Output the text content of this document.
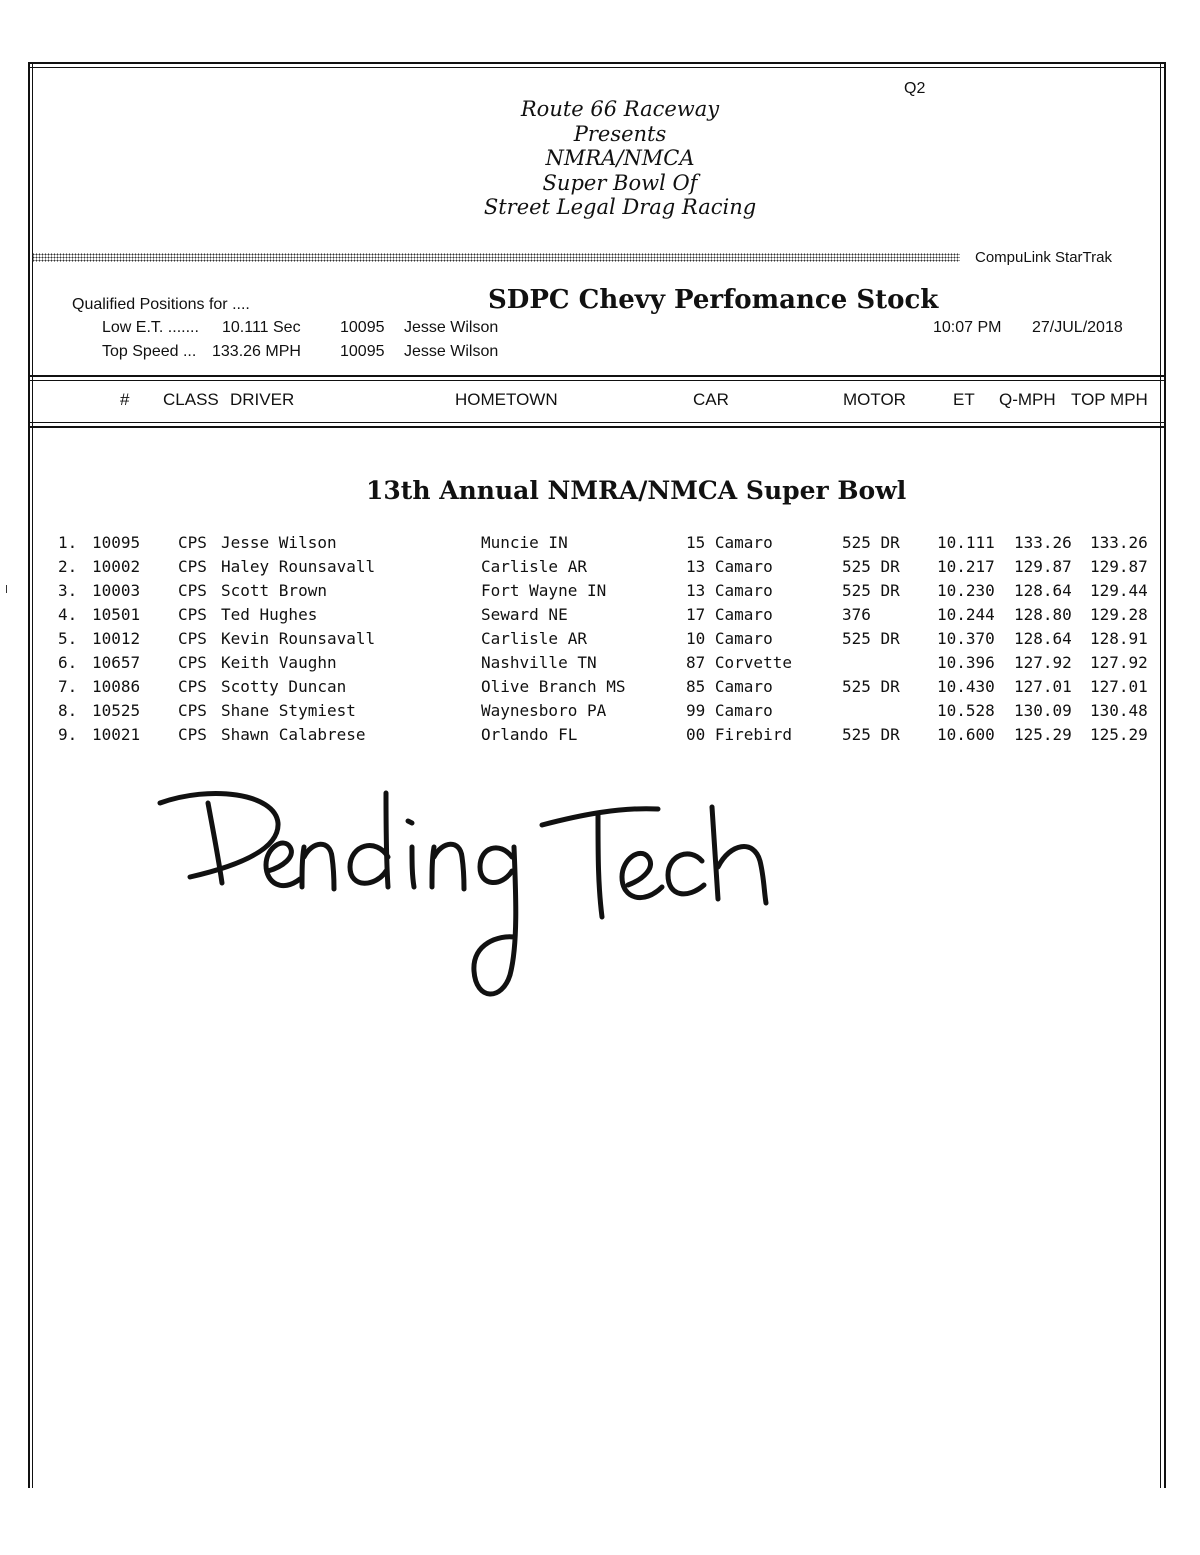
Q2
Route 66 Raceway
Presents
NMRA/NMCA
Super Bowl Of
Street Legal Drag Racing
CompuLink StarTrak
Qualified Positions for ....	SDPC Chevy Perfomance Stock
Low E.T. ....... 10.111 Sec 10095 Jesse Wilson
Top Speed ... 133.26 MPH 10095 Jesse Wilson
10:07 PM 27/JUL/2018
# CLASS DRIVER	HOMETOWN	CAR	MOTOR	ET Q-MPH TOP MPH
13th Annual NMRA/NMCA Super Bowl
1. 10095 CPS Jesse Wilson	Muncie IN	15 Camaro	525 DR 10.111 133.26 133.26
2. 10002 CPS Haley Rounsavall	Carlisle AR	13 Camaro	525 DR 10.217 129.87 129.87
3. 10003 CPS Scott Brown	Fort Wayne IN	13 Camaro	525 DR 10.230 128.64 129.44
4. 10501 CPS Ted Hughes	Seward NE	17 Camaro	376	10.244 128.80 129.28
5. 10012 CPS Kevin Rounsavall	Carlisle AR	10 Camaro	525 DR 10.370 128.64 128.91
6. 10657 CPS Keith Vaughn	Nashville TN	87 Corvette	10.396 127.92 127.92
7. 10086 CPS Scotty Duncan	Olive Branch MS	85 Camaro	525 DR 10.430 127.01 127.01
8. 10525 CPS Shane Stymiest	Waynesboro PA	99 Camaro	10.528 130.09 130.48
9. 10021 CPS Shawn Calabrese	Orlando FL	00 Firebird	525 DR 10.600 125.29 125.29
